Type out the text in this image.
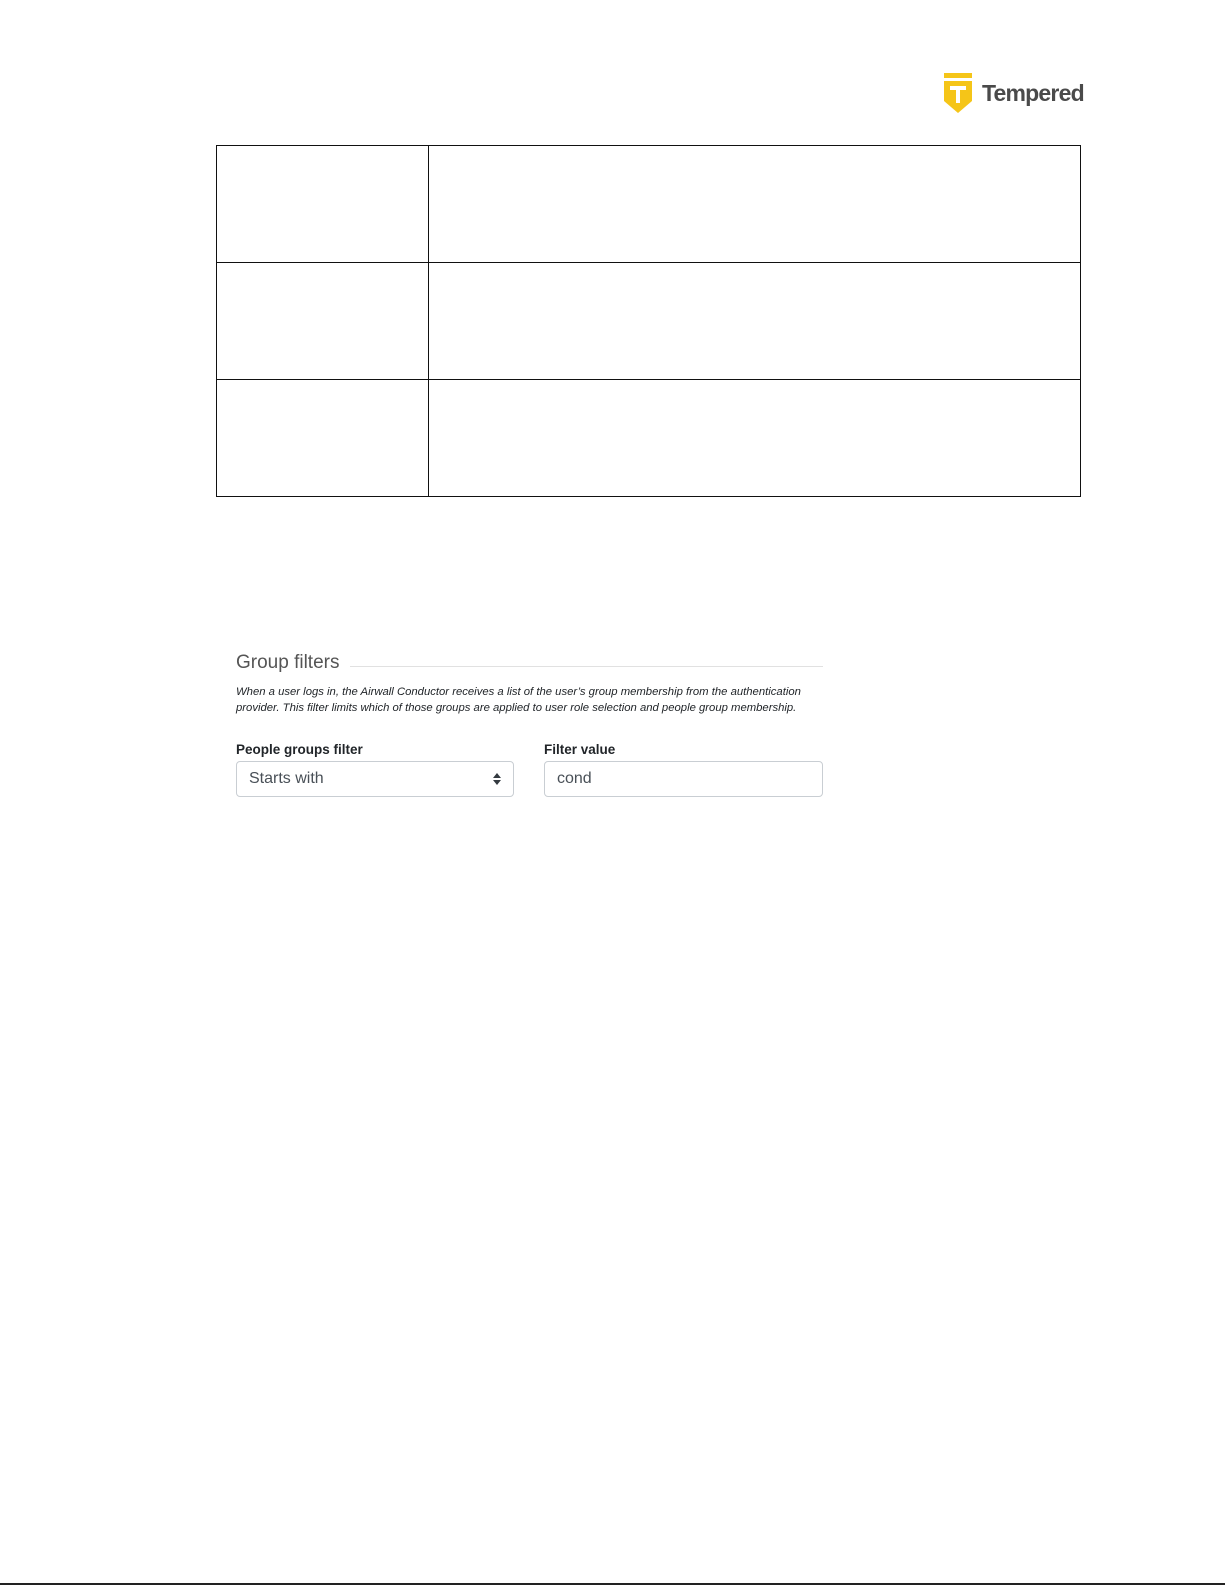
Tempered

Group filters

When a user logs in, the Airwall Conductor receives a list of the user’s group membership from the authentication provider. This filter limits which of those groups are applied to user role selection and people group membership.

People groups filter
Starts with
Filter value
cond
